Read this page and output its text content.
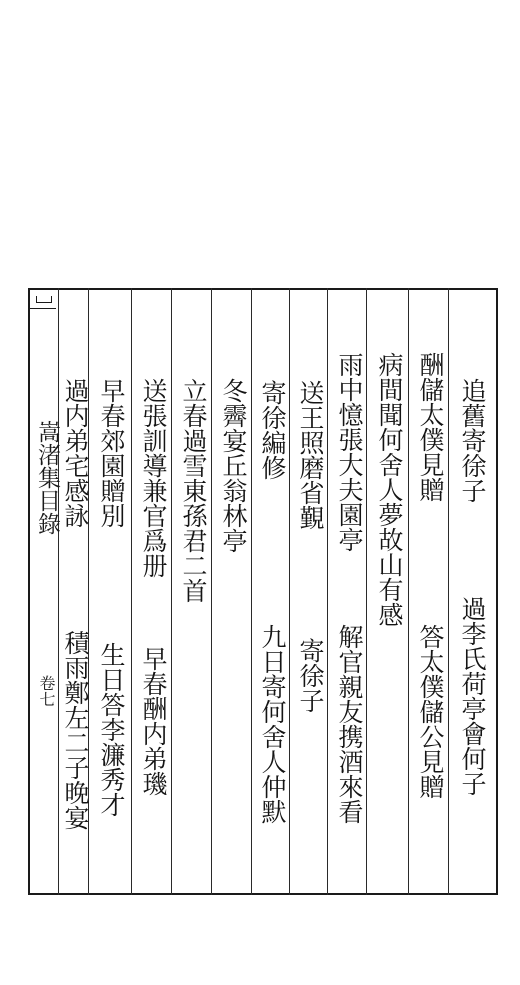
嵩渚集目錄
卷七
追舊寄徐子
過李氏荷亭會何子
酬儲太僕見贈
答太僕儲公見贈
病間聞何舍人夢故山有感
雨中憶張大夫園亭
解官親友携酒來看
送王照磨省覲
寄徐子
寄徐編修
九日寄何舍人仲默
冬霽宴丘翁林亭
立春過雪東孫君二首
送張訓導兼官爲册
早春酬内弟璣
早春郊園贈別
生日答李濂秀才
過内弟宅感詠
積雨鄭左二子晚宴
